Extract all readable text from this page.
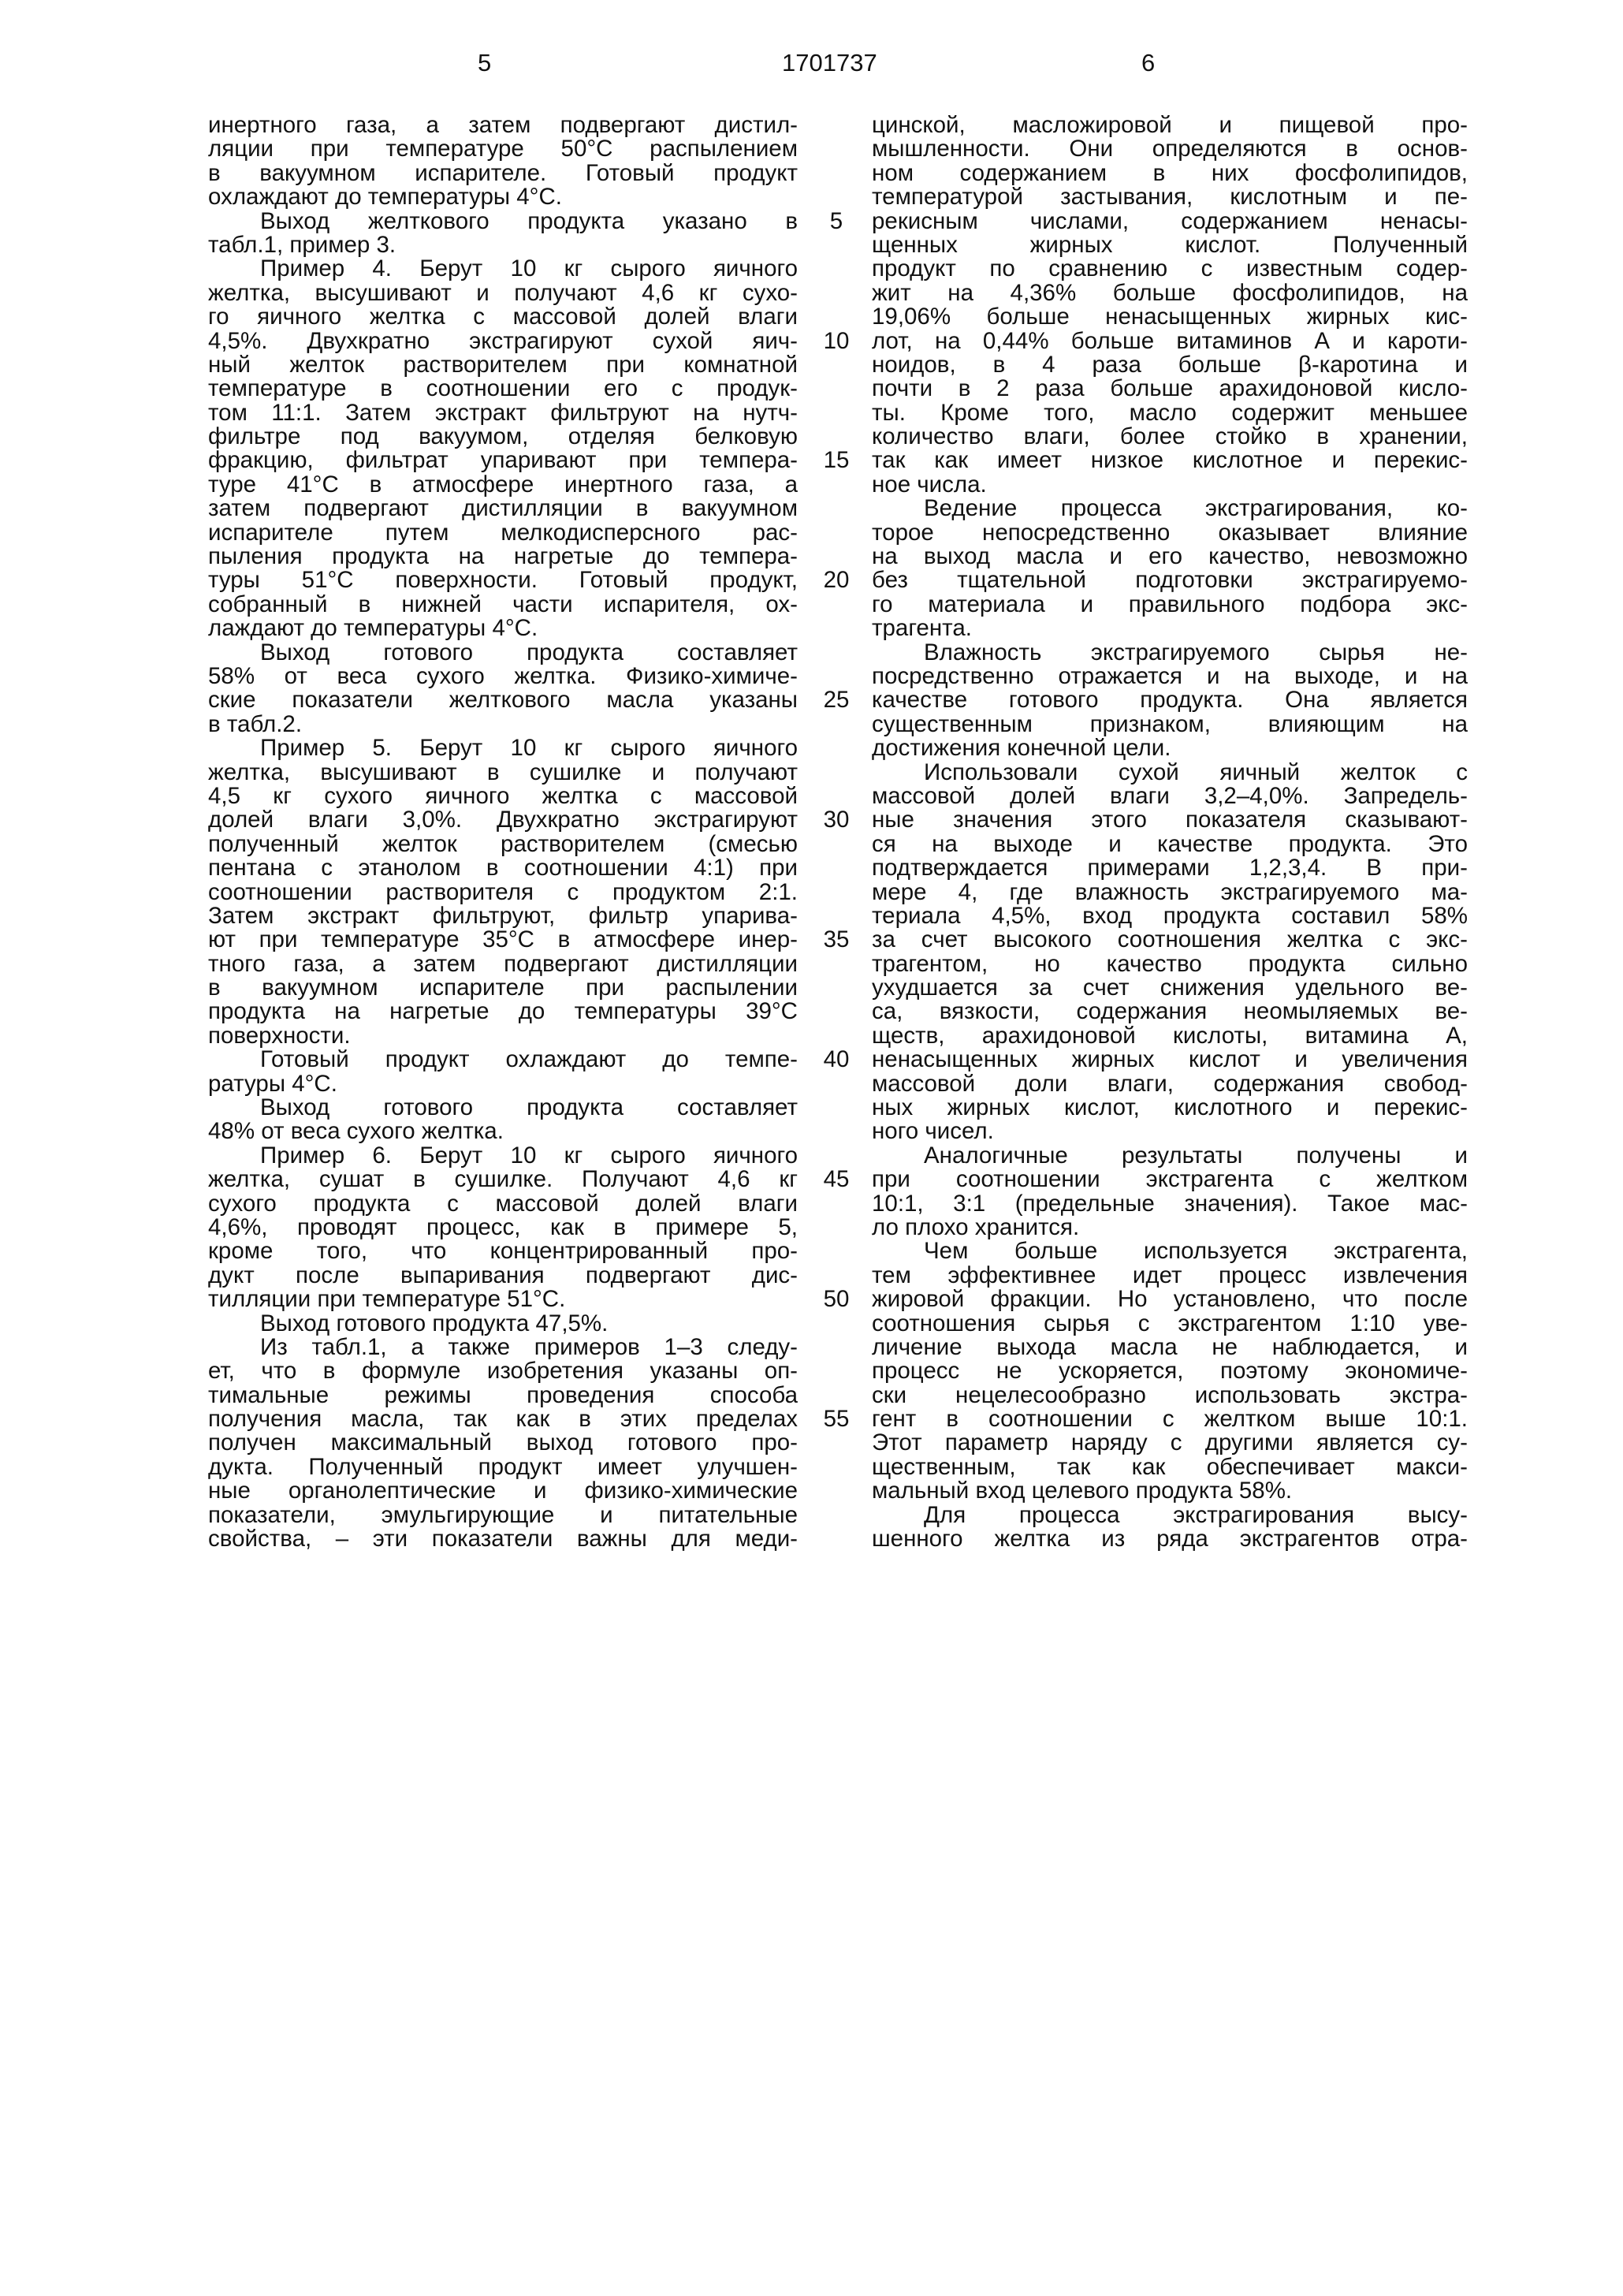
5	1701737	6
инертного газа, а затем подвергают дистил-
ляции при температуре 50°С распылением
в вакуумном испарителе. Готовый продукт
охлаждают до температуры 4°С.
Выход желткового продукта указано в
табл.1, пример 3.
Пример 4. Берут 10 кг сырого яичного
желтка, высушивают и получают 4,6 кг сухо-
го яичного желтка с массовой долей влаги
4,5%. Двухкратно экстрагируют сухой яич-
ный желток растворителем при комнатной
температуре в соотношении его с продук-
том 11:1. Затем экстракт фильтруют на нутч-
фильтре под вакуумом, отделяя белковую
фракцию, фильтрат упаривают при темпера-
туре 41°С в атмосфере инертного газа, а
затем подвергают дистилляции в вакуумном
испарителе путем мелкодисперсного рас-
пыления продукта на нагретые до темпера-
туры 51°С поверхности. Готовый продукт,
собранный в нижней части испарителя, ох-
лаждают до температуры 4°С.
Выход готового продукта составляет
58% от веса сухого желтка. Физико-химиче-
ские показатели желткового масла указаны
в табл.2.
Пример 5. Берут 10 кг сырого яичного
желтка, высушивают в сушилке и получают
4,5 кг сухого яичного желтка с массовой
долей влаги 3,0%. Двухкратно экстрагируют
полученный желток растворителем (смесью
пентана с этанолом в соотношении 4:1) при
соотношении растворителя с продуктом 2:1.
Затем экстракт фильтруют, фильтр упарива-
ют при температуре 35°С в атмосфере инер-
тного газа, а затем подвергают дистилляции
в вакуумном испарителе при распылении
продукта на нагретые до температуры 39°С
поверхности.
Готовый продукт охлаждают до темпе-
ратуры 4°С.
Выход готового продукта составляет
48% от веса сухого желтка.
Пример 6. Берут 10 кг сырого яичного
желтка, сушат в сушилке. Получают 4,6 кг
сухого продукта с массовой долей влаги
4,6%, проводят процесс, как в примере 5,
кроме того, что концентрированный про-
дукт после выпаривания подвергают дис-
тилляции при температуре 51°С.
Выход готового продукта 47,5%.
Из табл.1, а также примеров 1–3 следу-
ет, что в формуле изобретения указаны оп-
тимальные режимы проведения способа
получения масла, так как в этих пределах
получен максимальный выход готового про-
дукта. Полученный продукт имеет улучшен-
ные органолептические и физико-химические
показатели, эмульгирующие и питательные
свойства, – эти показатели важны для меди-
5
10
15
20
25
30
35
40
45
50
55
цинской, масложировой и пищевой про-
мышленности. Они определяются в основ-
ном содержанием в них фосфолипидов,
температурой застывания, кислотным и пе-
рекисным числами, содержанием ненасы-
щенных жирных кислот. Полученный
продукт по сравнению с известным содер-
жит на 4,36% больше фосфолипидов, на
19,06% больше ненасыщенных жирных кис-
лот, на 0,44% больше витаминов А и кароти-
ноидов, в 4 раза больше β-каротина и
почти в 2 раза больше арахидоновой кисло-
ты. Кроме того, масло содержит меньшее
количество влаги, более стойко в хранении,
так как имеет низкое кислотное и перекис-
ное числа.
Ведение процесса экстрагирования, ко-
торое непосредственно оказывает влияние
на выход масла и его качество, невозможно
без тщательной подготовки экстрагируемо-
го материала и правильного подбора экс-
трагента.
Влажность экстрагируемого сырья не-
посредственно отражается и на выходе, и на
качестве готового продукта. Она является
существенным признаком, влияющим на
достижения конечной цели.
Использовали сухой яичный желток с
массовой долей влаги 3,2–4,0%. Запредель-
ные значения этого показателя сказывают-
ся на выходе и качестве продукта. Это
подтверждается примерами 1,2,3,4. В при-
мере 4, где влажность экстрагируемого ма-
териала 4,5%, вход продукта составил 58%
за счет высокого соотношения желтка с экс-
трагентом, но качество продукта сильно
ухудшается за счет снижения удельного ве-
са, вязкости, содержания неомыляемых ве-
ществ, арахидоновой кислоты, витамина А,
ненасыщенных жирных кислот и увеличения
массовой доли влаги, содержания свобод-
ных жирных кислот, кислотного и перекис-
ного чисел.
Аналогичные результаты получены и
при соотношении экстрагента с желтком
10:1, 3:1 (предельные значения). Такое мас-
ло плохо хранится.
Чем больше используется экстрагента,
тем эффективнее идет процесс извлечения
жировой фракции. Но установлено, что после
соотношения сырья с экстрагентом 1:10 уве-
личение выхода масла не наблюдается, и
процесс не ускоряется, поэтому экономиче-
ски нецелесообразно использовать экстра-
гент в соотношении с желтком выше 10:1.
Этот параметр наряду с другими является су-
щественным, так как обеспечивает макси-
мальный вход целевого продукта 58%.
Для процесса экстрагирования высу-
шенного желтка из ряда экстрагентов отра-
